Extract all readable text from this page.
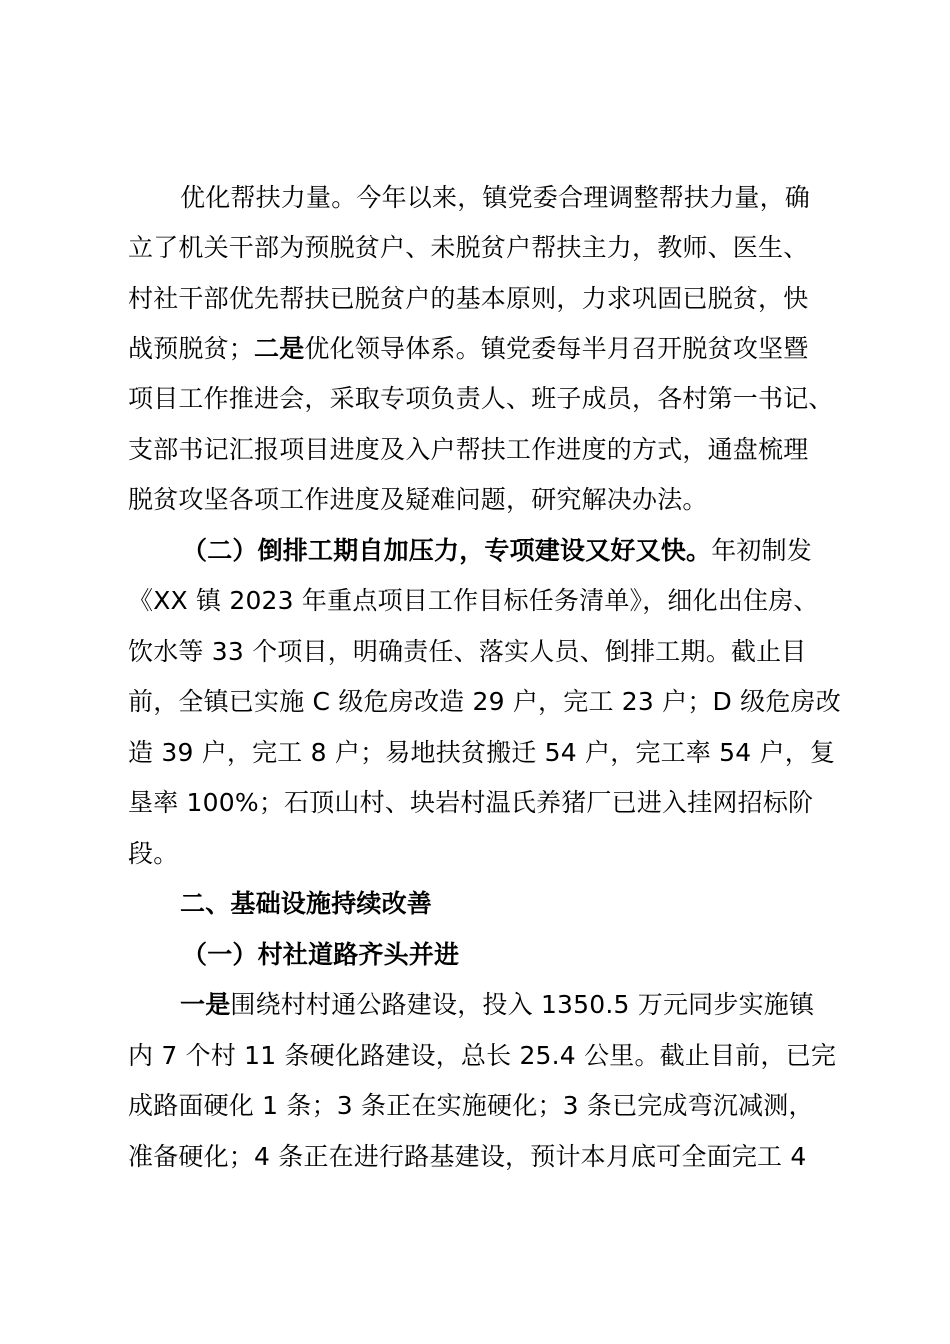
优化帮扶力量。今年以来，镇党委合理调整帮扶力量，确
立了机关干部为预脱贫户、未脱贫户帮扶主力，教师、医生、
村社干部优先帮扶已脱贫户的基本原则，力求巩固已脱贫，快
战预脱贫；二是优化领导体系。镇党委每半月召开脱贫攻坚暨
项目工作推进会，采取专项负责人、班子成员，各村第一书记、
支部书记汇报项目进度及入户帮扶工作进度的方式，通盘梳理
脱贫攻坚各项工作进度及疑难问题，研究解决办法。
（二）倒排工期自加压力，专项建设又好又快。年初制发
《XX 镇 2023 年重点项目工作目标任务清单》，细化出住房、
饮水等 33 个项目，明确责任、落实人员、倒排工期。截止目
前，全镇已实施 C 级危房改造 29 户，完工 23 户；D 级危房改
造 39 户，完工 8 户；易地扶贫搬迁 54 户，完工率 54 户，复
垦率 100%；石顶山村、块岩村温氏养猪厂已进入挂网招标阶
段。
二、基础设施持续改善
（一）村社道路齐头并进
一是围绕村村通公路建设，投入 1350.5 万元同步实施镇
内 7 个村 11 条硬化路建设，总长 25.4 公里。截止目前，已完
成路面硬化 1 条；3 条正在实施硬化；3 条已完成弯沉减测，
准备硬化；4 条正在进行路基建设，预计本月底可全面完工 4
